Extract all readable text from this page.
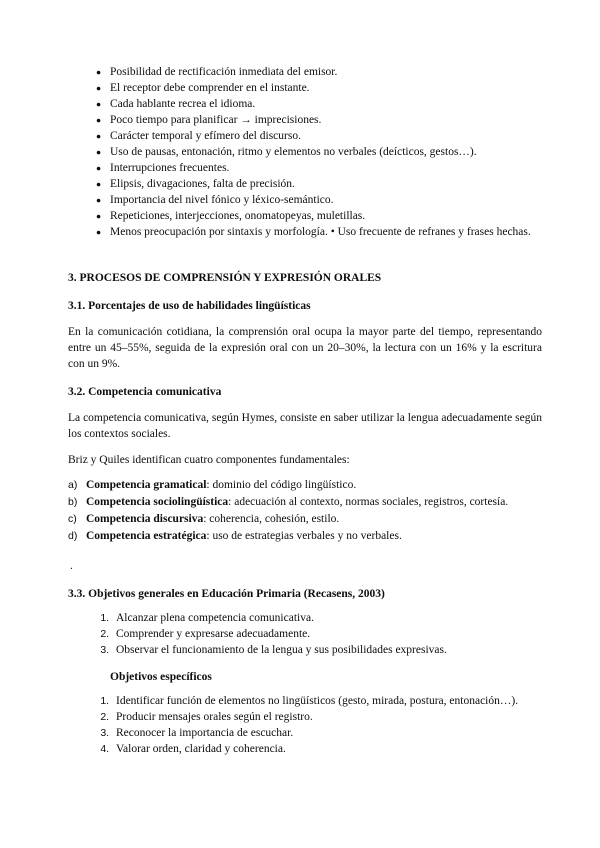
● Posibilidad de rectificación inmediata del emisor.
● El receptor debe comprender en el instante.
● Cada hablante recrea el idioma.
● Poco tiempo para planificar → imprecisiones.
● Carácter temporal y efímero del discurso.
● Uso de pausas, entonación, ritmo y elementos no verbales (deícticos, gestos…).
● Interrupciones frecuentes.
● Elipsis, divagaciones, falta de precisión.
● Importancia del nivel fónico y léxico-semántico.
● Repeticiones, interjecciones, onomatopeyas, muletillas.
● Menos preocupación por sintaxis y morfología. • Uso frecuente de refranes y frases hechas.
3. PROCESOS DE COMPRENSIÓN Y EXPRESIÓN ORALES
3.1. Porcentajes de uso de habilidades lingüísticas

En la comunicación cotidiana, la comprensión oral ocupa la mayor parte del tiempo, representando entre un 45–55%, seguida de la expresión oral con un 20–30%, la lectura con un 16% y la escritura con un 9%.

3.2. Competencia comunicativa

La competencia comunicativa, según Hymes, consiste en saber utilizar la lengua adecuadamente según los contextos sociales.

Briz y Quiles identifican cuatro componentes fundamentales:

a) Competencia gramatical: dominio del código lingüístico.
b) Competencia sociolingüística: adecuación al contexto, normas sociales, registros, cortesía.
c) Competencia discursiva: coherencia, cohesión, estilo.
d) Competencia estratégica: uso de estrategias verbales y no verbales.

.

3.3. Objetivos generales en Educación Primaria (Recasens, 2003)
1. Alcanzar plena competencia comunicativa.
2. Comprender y expresarse adecuadamente.
3. Observar el funcionamiento de la lengua y sus posibilidades expresivas.
Objetivos específicos
1. Identificar función de elementos no lingüísticos (gesto, mirada, postura, entonación…).
2. Producir mensajes orales según el registro.
3. Reconocer la importancia de escuchar.
4. Valorar orden, claridad y coherencia.
